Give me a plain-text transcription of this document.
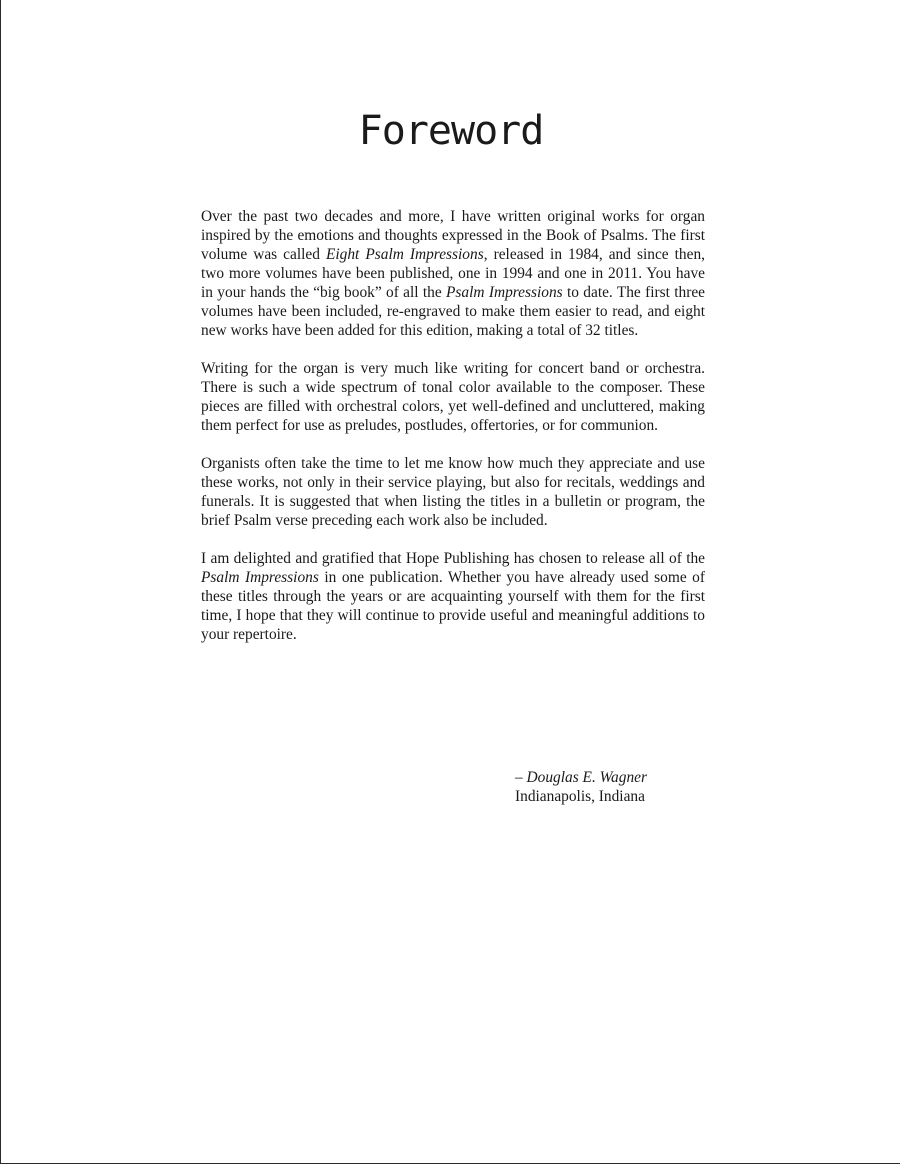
Foreword

Over the past two decades and more, I have written original works for organ inspired by the emotions and thoughts expressed in the Book of Psalms. The first volume was called Eight Psalm Impressions, released in 1984, and since then, two more volumes have been published, one in 1994 and one in 2011. You have in your hands the “big book” of all the Psalm Impressions to date. The first three volumes have been included, re-engraved to make them easier to read, and eight new works have been added for this edition, making a total of 32 titles.

Writing for the organ is very much like writing for concert band or orchestra. There is such a wide spectrum of tonal color available to the composer. These pieces are filled with orchestral colors, yet well-defined and uncluttered, making them perfect for use as preludes, postludes, offertories, or for communion.

Organists often take the time to let me know how much they appreciate and use these works, not only in their service playing, but also for recitals, weddings and funerals. It is suggested that when listing the titles in a bulletin or program, the brief Psalm verse preceding each work also be included.

I am delighted and gratified that Hope Publishing has chosen to release all of the Psalm Impressions in one publication. Whether you have already used some of these titles through the years or are acquainting yourself with them for the first time, I hope that they will continue to provide useful and meaningful additions to your repertoire.

– Douglas E. Wagner
Indianapolis, Indiana
